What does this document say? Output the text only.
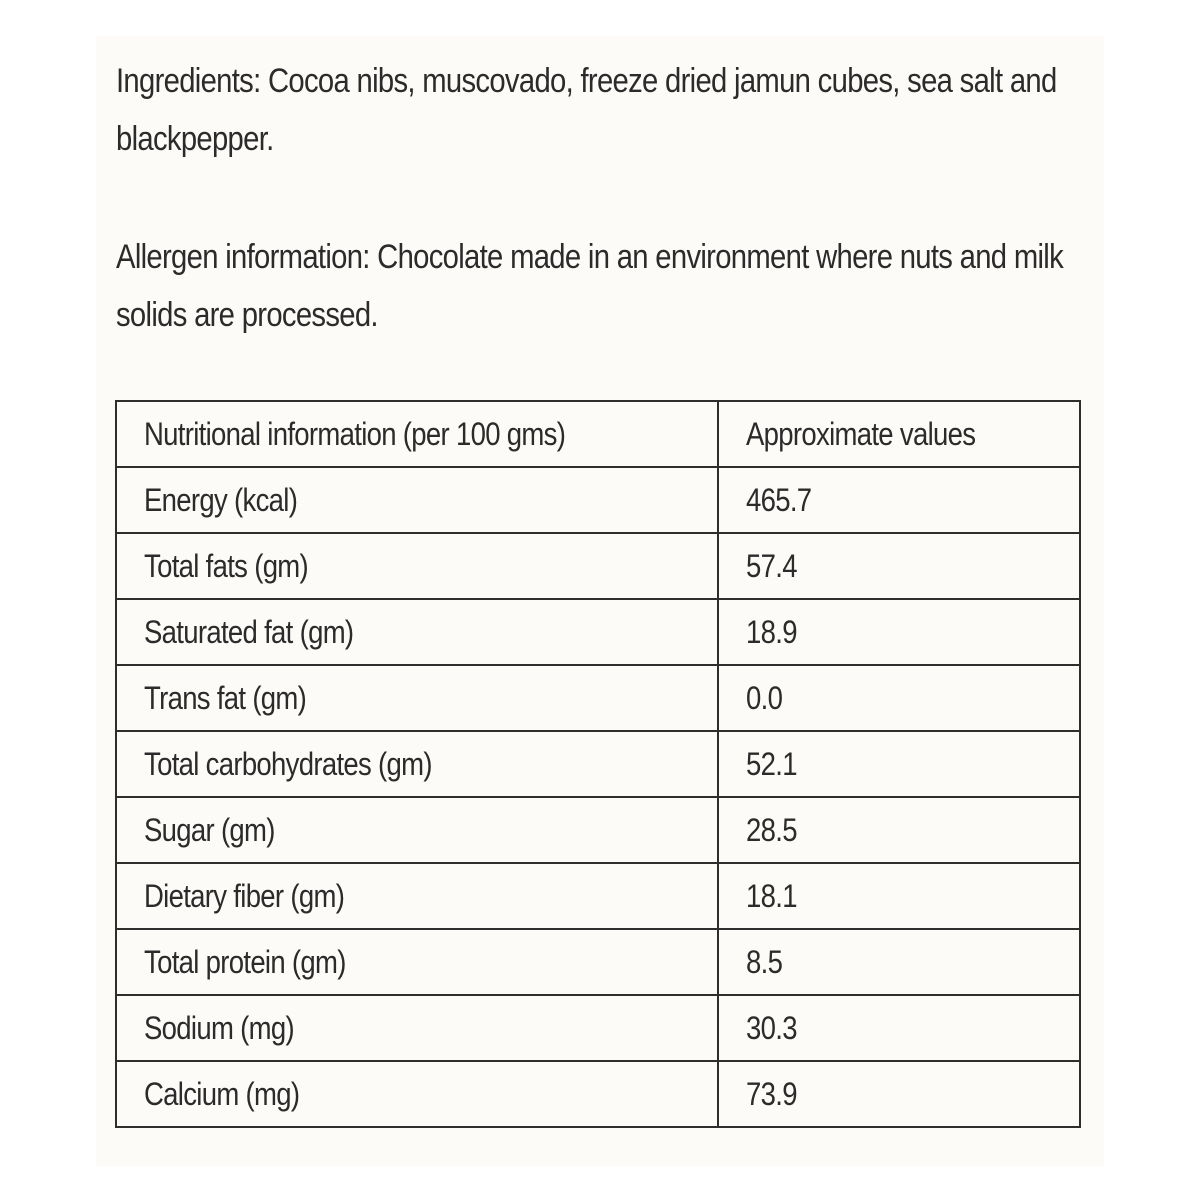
Ingredients: Cocoa nibs, muscovado, freeze dried jamun cubes, sea salt and blackpepper.

Allergen information: Chocolate made in an environment where nuts and milk solids are processed.

Nutritional information (per 100 gms)	Approximate values
Energy (kcal)	465.7
Total fats (gm)	57.4
Saturated fat (gm)	18.9
Trans fat (gm)	0.0
Total carbohydrates (gm)	52.1
Sugar (gm)	28.5
Dietary fiber (gm)	18.1
Total protein (gm)	8.5
Sodium (mg)	30.3
Calcium (mg)	73.9
